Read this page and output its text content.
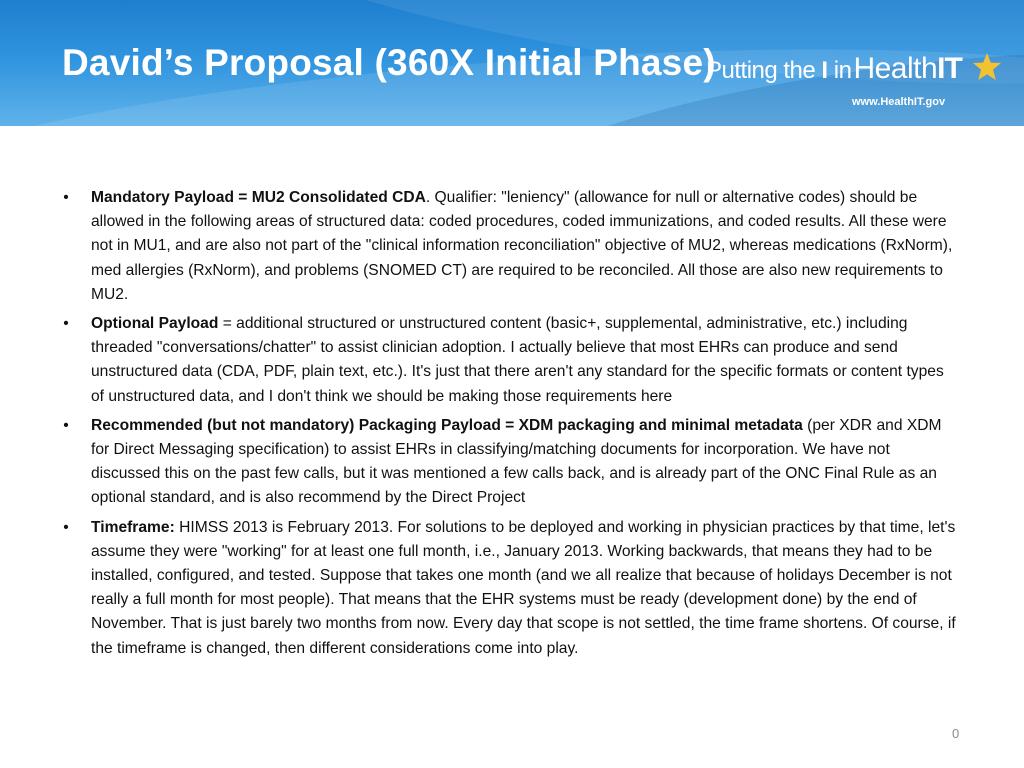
David’s Proposal (360X Initial Phase)
Putting the I inHealthIT
www.HealthIT.gov
• Mandatory Payload = MU2 Consolidated CDA. Qualifier: "leniency" (allowance for null or alternative codes) should be allowed in the following areas of structured data: coded procedures, coded immunizations, and coded results. All these were not in MU1, and are also not part of the "clinical information reconciliation" objective of MU2, whereas medications (RxNorm), med allergies (RxNorm), and problems (SNOMED CT) are required to be reconciled. All those are also new requirements to MU2.
• Optional Payload = additional structured or unstructured content (basic+, supplemental, administrative, etc.) including threaded "conversations/chatter" to assist clinician adoption. I actually believe that most EHRs can produce and send unstructured data (CDA, PDF, plain text, etc.). It's just that there aren't any standard for the specific formats or content types of unstructured data, and I don't think we should be making those requirements here
• Recommended (but not mandatory) Packaging Payload = XDM packaging and minimal metadata (per XDR and XDM for Direct Messaging specification) to assist EHRs in classifying/matching documents for incorporation. We have not discussed this on the past few calls, but it was mentioned a few calls back, and is already part of the ONC Final Rule as an optional standard, and is also recommend by the Direct Project
• Timeframe: HIMSS 2013 is February 2013. For solutions to be deployed and working in physician practices by that time, let's assume they were "working" for at least one full month, i.e., January 2013. Working backwards, that means they had to be installed, configured, and tested. Suppose that takes one month (and we all realize that because of holidays December is not really a full month for most people). That means that the EHR systems must be ready (development done) by the end of November. That is just barely two months from now. Every day that scope is not settled, the time frame shortens. Of course, if the timeframe is changed, then different considerations come into play.
0
